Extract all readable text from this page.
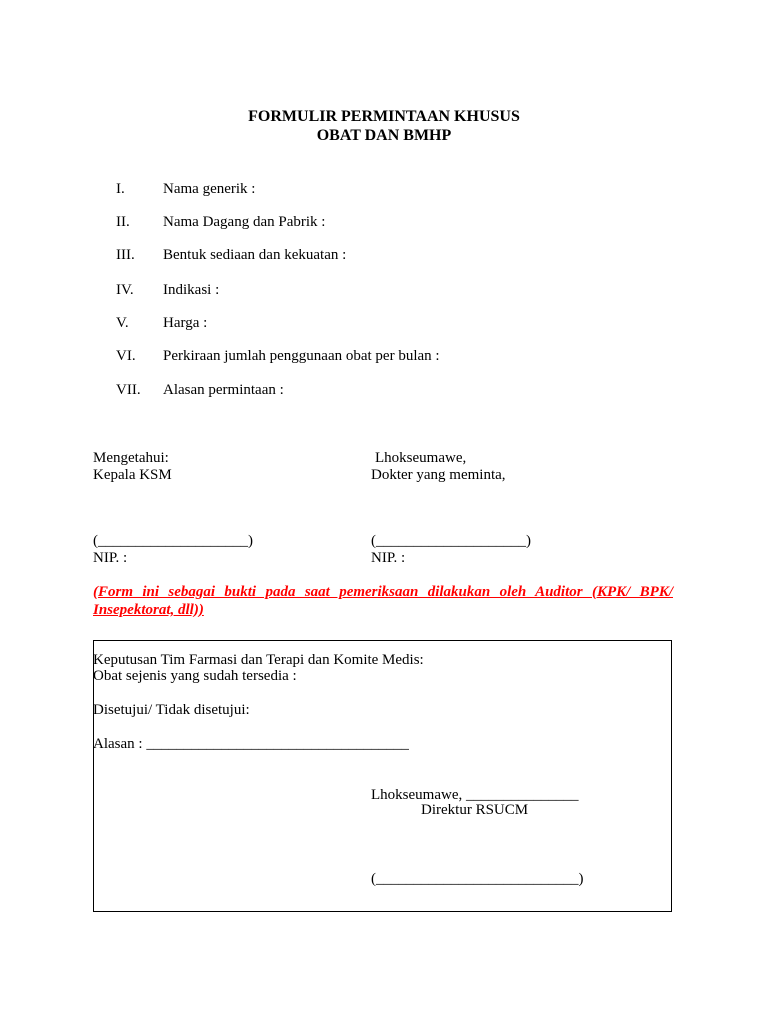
FORMULIR PERMINTAAN KHUSUS
OBAT DAN BMHP
I.	Nama generik :
II. Nama Dagang dan Pabrik :
III. Bentuk sediaan dan kekuatan :
IV. Indikasi :
V. Harga :
VI. Perkiraan jumlah penggunaan obat per bulan :
VII. Alasan permintaan :
Mengetahui:
Kepala KSM
Lhokseumawe,
Dokter yang meminta,
(____________________)
NIP. :
(____________________)
NIP. :
(Form ini sebagai bukti pada saat pemeriksaan dilakukan oleh Auditor (KPK/ BPK/ Insepektorat, dll))
Keputusan Tim Farmasi dan Terapi dan Komite Medis:
Obat sejenis yang sudah tersedia :
Disetujui/ Tidak disetujui:
Alasan : ___________________________________
Lhokseumawe, _______________
Direktur RSUCM
(___________________________)
